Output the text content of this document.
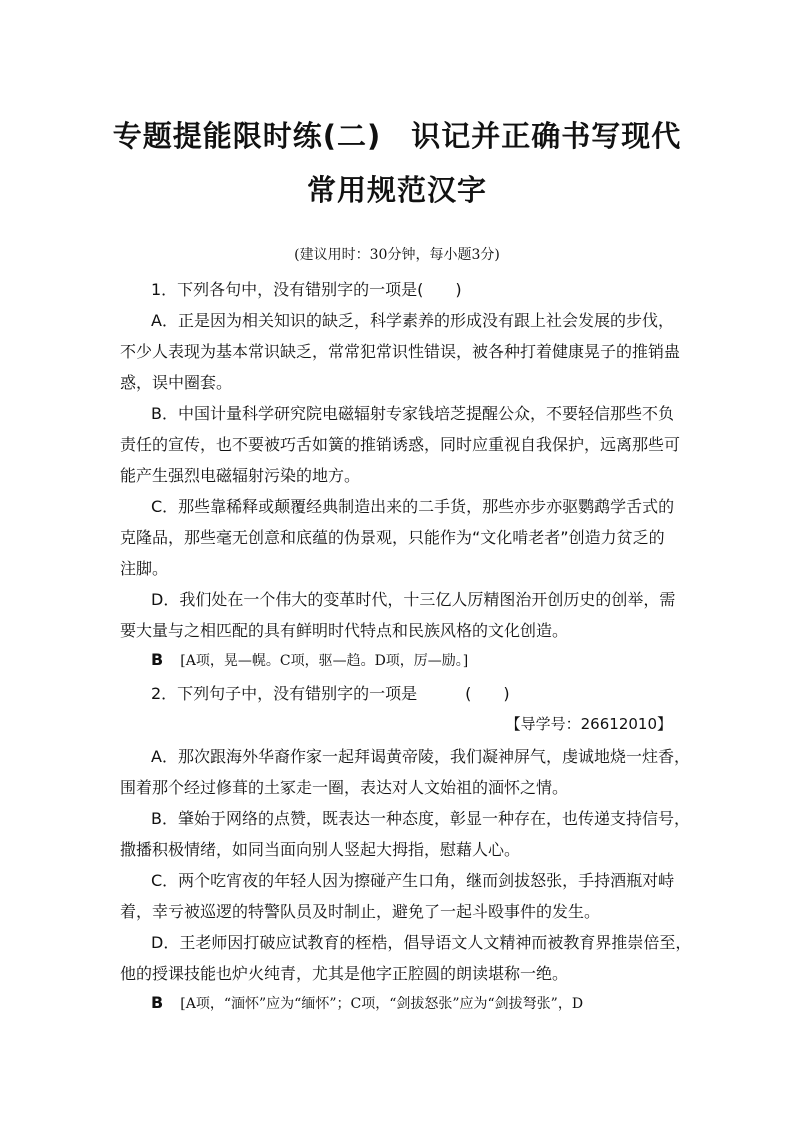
专题提能限时练(二)　识记并正确书写现代
常用规范汉字
(建议用时：30分钟，每小题3分)
1．下列各句中，没有错别字的一项是(　　)
A．正是因为相关知识的缺乏，科学素养的形成没有跟上社会发展的步伐，
不少人表现为基本常识缺乏，常常犯常识性错误，被各种打着健康晃子的推销蛊
惑，误中圈套。
B．中国计量科学研究院电磁辐射专家钱培芝提醒公众，不要轻信那些不负
责任的宣传，也不要被巧舌如簧的推销诱惑，同时应重视自我保护，远离那些可
能产生强烈电磁辐射污染的地方。
C．那些靠稀释或颠覆经典制造出来的二手货，那些亦步亦驱鹦鹉学舌式的
克隆品，那些毫无创意和底蕴的伪景观，只能作为“文化啃老者”创造力贫乏的
注脚。
D．我们处在一个伟大的变革时代，十三亿人厉精图治开创历史的创举，需
要大量与之相匹配的具有鲜明时代特点和民族风格的文化创造。
B [A项，晃—幌。C项，驱—趋。D项，厉—励。]
2．下列句子中，没有错别字的一项是　　　(　　)
【导学号：26612010】
A．那次跟海外华裔作家一起拜谒黄帝陵，我们凝神屏气，虔诚地烧一炷香，
围着那个经过修葺的土冢走一圈，表达对人文始祖的湎怀之情。
B．肇始于网络的点赞，既表达一种态度，彰显一种存在，也传递支持信号，
撒播积极情绪，如同当面向别人竖起大拇指，慰藉人心。
C．两个吃宵夜的年轻人因为擦碰产生口角，继而剑拔怒张，手持酒瓶对峙
着，幸亏被巡逻的特警队员及时制止，避免了一起斗殴事件的发生。
D．王老师因打破应试教育的桎梏，倡导语文人文精神而被教育界推崇倍至，
他的授课技能也炉火纯青，尤其是他字正腔圆的朗读堪称一绝。
B [A项，“湎怀”应为“缅怀”；C项，“剑拔怒张”应为“剑拔弩张”，D
